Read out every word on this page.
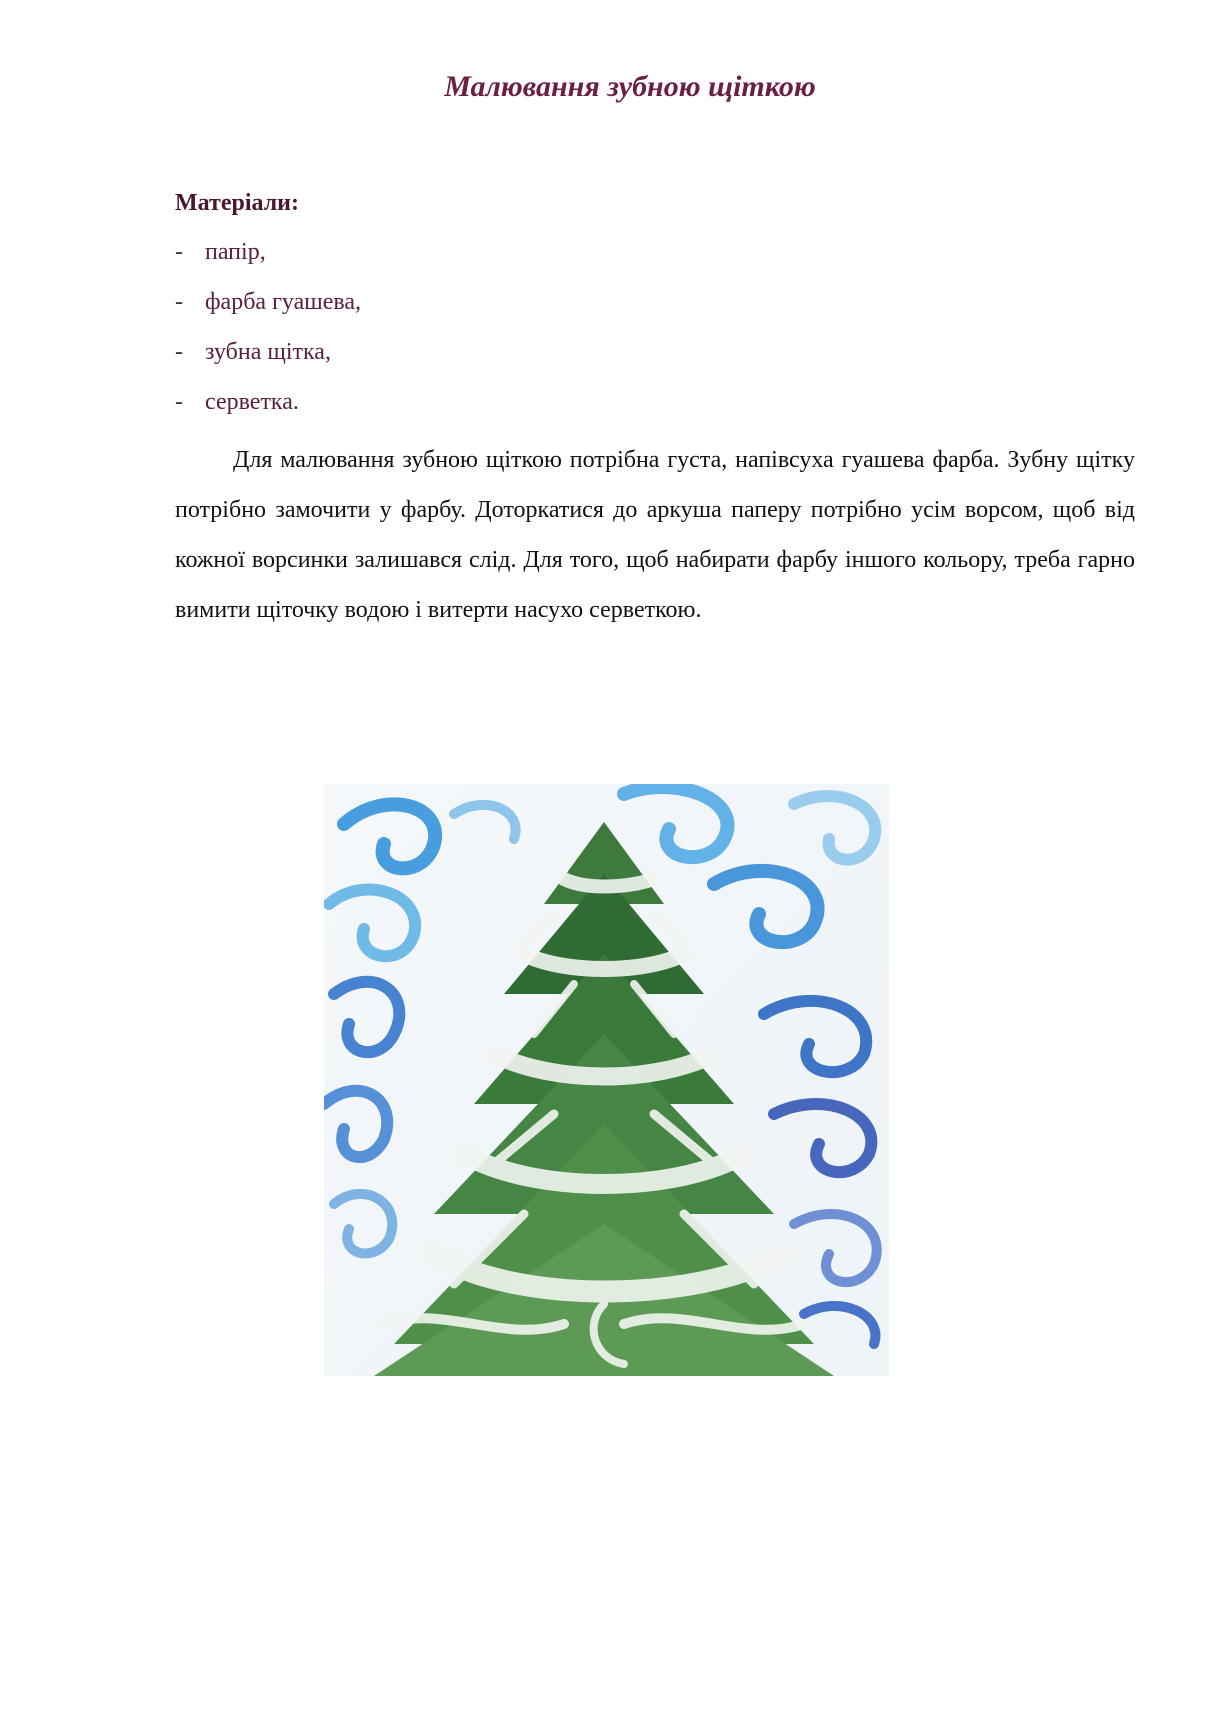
Малювання зубною щіткою

Матеріали:

- папір,
- фарба гуашева,
- зубна щітка,
- серветка.

Для малювання зубною щіткою потрібна густа, напівсуха гуашева фарба. Зубну щітку потрібно замочити у фарбу. Доторкатися до аркуша паперу потрібно усім ворсом, щоб від кожної ворсинки залишався слід. Для того, щоб набирати фарбу іншого кольору, треба гарно вимити щіточку водою і витерти насухо серветкою.
